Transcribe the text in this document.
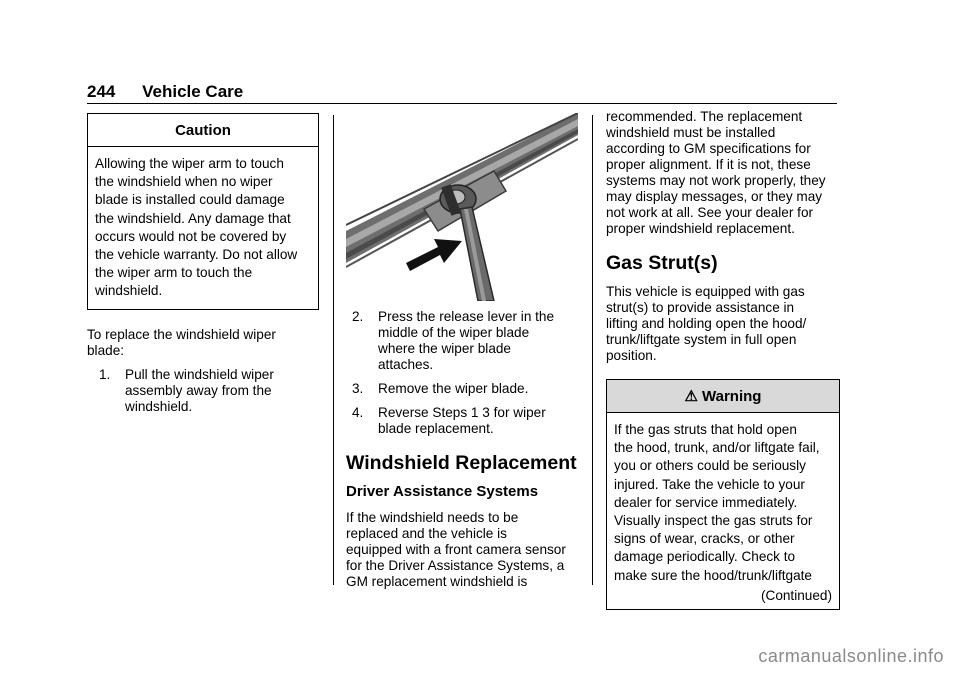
244 Vehicle Care
Caution
Allowing the wiper arm to touch
the windshield when no wiper
blade is installed could damage
the windshield. Any damage that
occurs would not be covered by
the vehicle warranty. Do not allow
the wiper arm to touch the
windshield.
To replace the windshield wiper
blade:
1.	Pull the windshield wiper
assembly away from the
windshield.
2.	Press the release lever in the
middle of the wiper blade
where the wiper blade
attaches.
3.	Remove the wiper blade.
4.	Reverse Steps 1 3 for wiper
blade replacement.
Windshield Replacement
Driver Assistance Systems
If the windshield needs to be
replaced and the vehicle is
equipped with a front camera sensor
for the Driver Assistance Systems, a
GM replacement windshield is
recommended. The replacement
windshield must be installed
according to GM specifications for
proper alignment. If it is not, these
systems may not work properly, they
may display messages, or they may
not work at all. See your dealer for
proper windshield replacement.
Gas Strut(s)
This vehicle is equipped with gas
strut(s) to provide assistance in
lifting and holding open the hood/
trunk/liftgate system in full open
position.
⚠ Warning
If the gas struts that hold open
the hood, trunk, and/or liftgate fail,
you or others could be seriously
injured. Take the vehicle to your
dealer for service immediately.
Visually inspect the gas struts for
signs of wear, cracks, or other
damage periodically. Check to
make sure the hood/trunk/liftgate
(Continued)
carmanualsonline.info
